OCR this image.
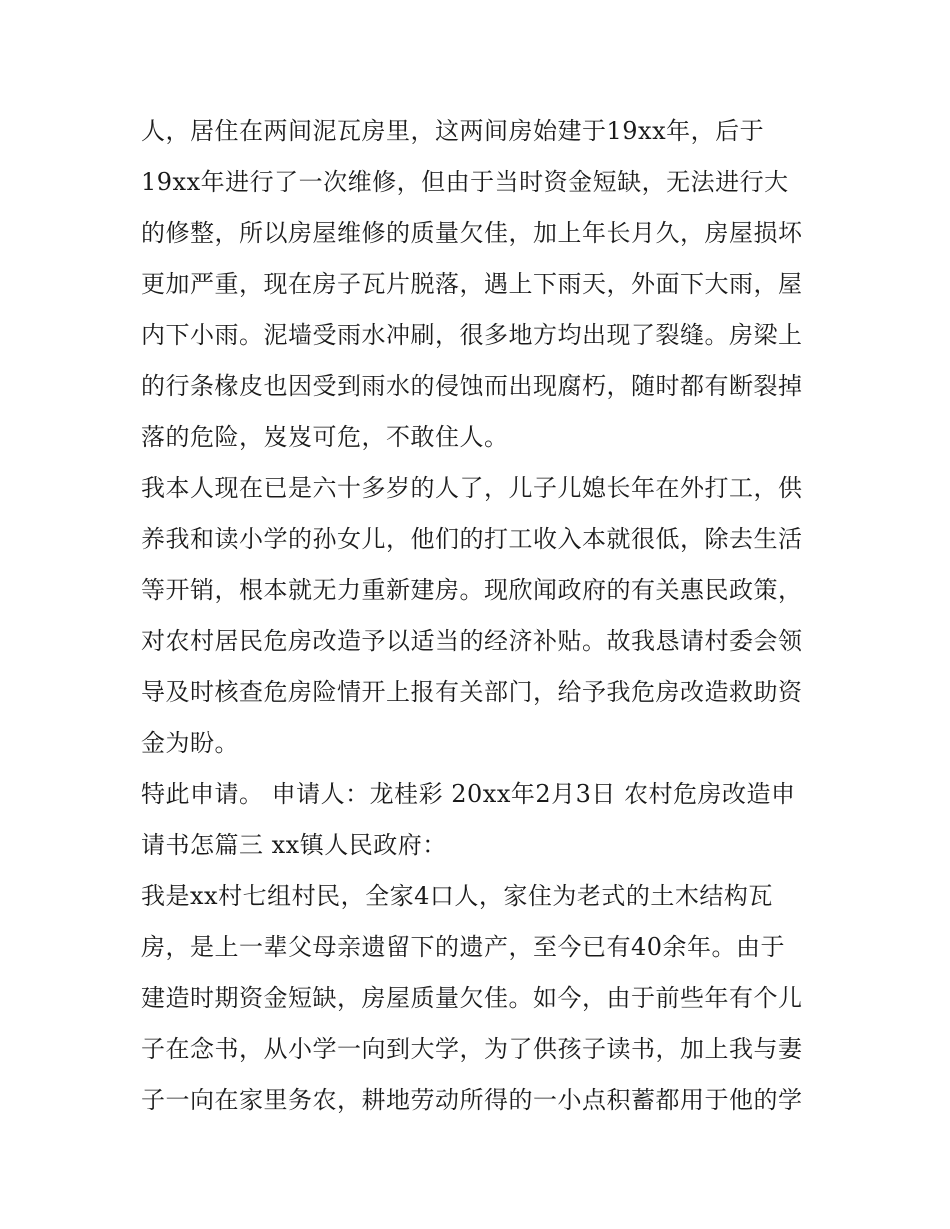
人，居住在两间泥瓦房里，这两间房始建于19xx年，后于
19xx年进行了一次维修，但由于当时资金短缺，无法进行大
的修整，所以房屋维修的质量欠佳，加上年长月久，房屋损坏
更加严重，现在房子瓦片脱落，遇上下雨天，外面下大雨，屋
内下小雨。泥墙受雨水冲刷，很多地方均出现了裂缝。房梁上
的行条椽皮也因受到雨水的侵蚀而出现腐朽，随时都有断裂掉
落的危险，岌岌可危，不敢住人。
我本人现在已是六十多岁的人了，儿子儿媳长年在外打工，供
养我和读小学的孙女儿，他们的打工收入本就很低，除去生活
等开销，根本就无力重新建房。现欣闻政府的有关惠民政策，
对农村居民危房改造予以适当的经济补贴。故我恳请村委会领
导及时核查危房险情开上报有关部门，给予我危房改造救助资
金为盼。
特此申请。 申请人：龙桂彩 20xx年2月3日 农村危房改造申
请书怎篇三 xx镇人民政府：
我是xx村七组村民，全家4口人，家住为老式的土木结构瓦
房，是上一辈父母亲遗留下的遗产，至今已有40余年。由于
建造时期资金短缺，房屋质量欠佳。如今，由于前些年有个儿
子在念书，从小学一向到大学，为了供孩子读书，加上我与妻
子一向在家里务农，耕地劳动所得的一小点积蓄都用于他的学
